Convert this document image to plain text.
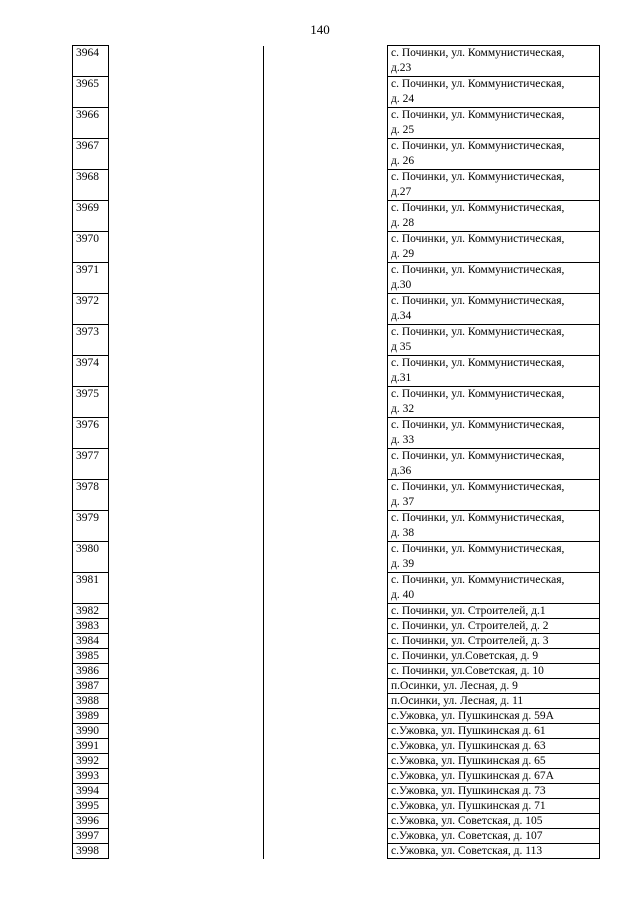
140
3964			с. Починки, ул. Коммунистическая,
д.23

3965			с. Починки, ул. Коммунистическая,
д. 24

3966			с. Починки, ул. Коммунистическая,
д. 25

3967			с. Починки, ул. Коммунистическая,
д. 26

3968			с. Починки, ул. Коммунистическая,
д.27

3969			с. Починки, ул. Коммунистическая,
д. 28

3970			с. Починки, ул. Коммунистическая,
д. 29

3971			с. Починки, ул. Коммунистическая,
д.30

3972			с. Починки, ул. Коммунистическая,
д.34

3973			с. Починки, ул. Коммунистическая,
д 35

3974			с. Починки, ул. Коммунистическая,
д.31

3975			с. Починки, ул. Коммунистическая,
д. 32

3976			с. Починки, ул. Коммунистическая,
д. 33

3977			с. Починки, ул. Коммунистическая,
д.36

3978			с. Починки, ул. Коммунистическая,
д. 37

3979			с. Починки, ул. Коммунистическая,
д. 38

3980			с. Починки, ул. Коммунистическая,
д. 39

3981			с. Починки, ул. Коммунистическая,
д. 40

3982			с. Починки, ул. Строителей, д.1

3983			с. Починки, ул. Строителей, д. 2

3984			с. Починки, ул. Строителей, д. 3

3985			с. Починки, ул.Советская, д. 9

3986			с. Починки, ул.Советская, д. 10

3987			п.Осинки, ул. Лесная, д. 9

3988			п.Осинки, ул. Лесная, д. 11

3989			с.Ужовка, ул. Пушкинская д. 59А

3990			с.Ужовка, ул. Пушкинская д. 61

3991			с.Ужовка, ул. Пушкинская д. 63

3992			с.Ужовка, ул. Пушкинская д. 65

3993			с.Ужовка, ул. Пушкинская д. 67А

3994			с.Ужовка, ул. Пушкинская д. 73

3995			с.Ужовка, ул. Пушкинская д. 71

3996			с.Ужовка, ул. Советская, д. 105

3997			с.Ужовка, ул. Советская, д. 107

3998			с.Ужовка, ул. Советская, д. 113
